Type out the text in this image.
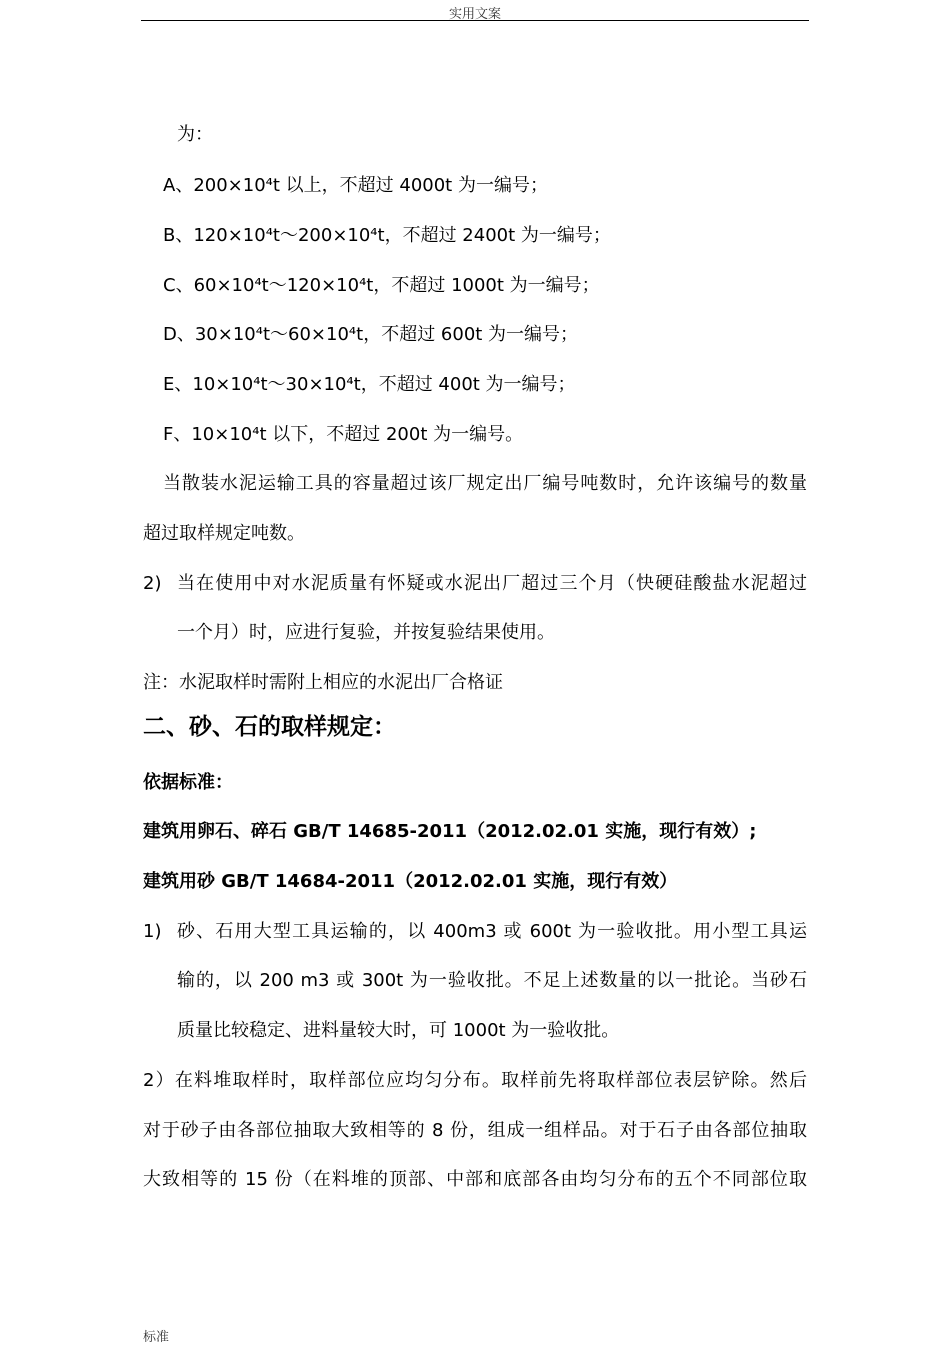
实用文案
为：
A、200×10⁴t 以上，不超过 4000t 为一编号；
B、120×10⁴t～200×10⁴t，不超过 2400t 为一编号；
C、60×10⁴t～120×10⁴t，不超过 1000t 为一编号；
D、30×10⁴t～60×10⁴t，不超过 600t 为一编号；
E、10×10⁴t～30×10⁴t，不超过 400t 为一编号；
F、10×10⁴t 以下，不超过 200t 为一编号。
当散装水泥运输工具的容量超过该厂规定出厂编号吨数时，允许该编号的数量
超过取样规定吨数。
2) 当在使用中对水泥质量有怀疑或水泥出厂超过三个月（快硬硅酸盐水泥超过
一个月）时，应进行复验，并按复验结果使用。
注：水泥取样时需附上相应的水泥出厂合格证
二、砂、石的取样规定：
依据标准：
建筑用卵石、碎石 GB/T 14685-2011（2012.02.01 实施，现行有效）;
建筑用砂 GB/T 14684-2011（2012.02.01 实施，现行有效）
1) 砂、石用大型工具运输的，以 400m3 或 600t 为一验收批。用小型工具运
输的，以 200 m3 或 300t 为一验收批。不足上述数量的以一批论。当砂石
质量比较稳定、进料量较大时，可 1000t 为一验收批。
2）在料堆取样时，取样部位应均匀分布。取样前先将取样部位表层铲除。然后
对于砂子由各部位抽取大致相等的 8 份，组成一组样品。对于石子由各部位抽取
大致相等的 15 份（在料堆的顶部、中部和底部各由均匀分布的五个不同部位取
标准
